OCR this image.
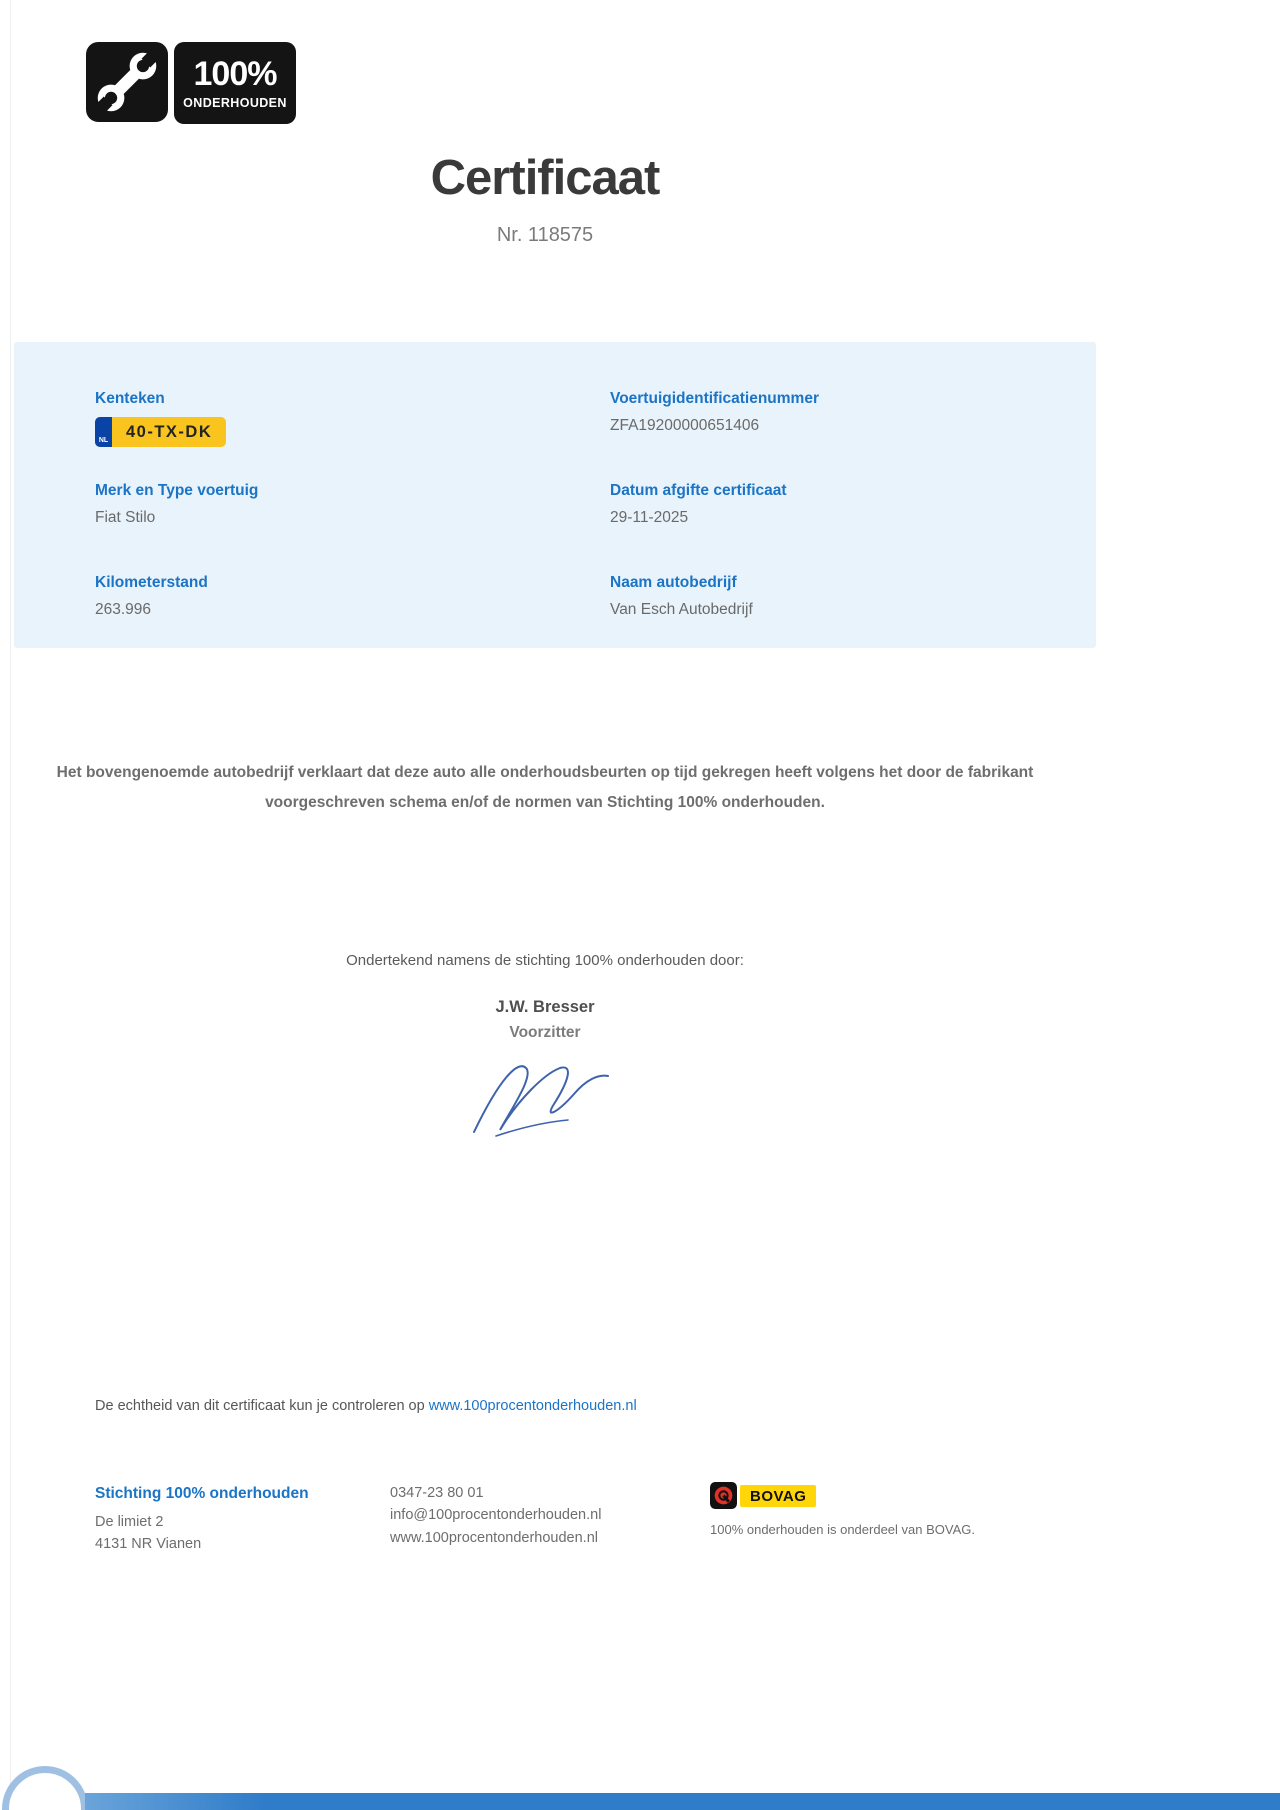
100%
ONDERHOUDEN
Certificaat
Nr. 118575
Kenteken
NL	40-TX-DK
Merk en Type voertuig
Fiat Stilo
Kilometerstand
263.996
Voertuigidentificatienummer
ZFA19200000651406
Datum afgifte certificaat
29-11-2025
Naam autobedrijf
Van Esch Autobedrijf

Het bovengenoemde autobedrijf verklaart dat deze auto alle onderhoudsbeurten op tijd gekregen heeft volgens het door de fabrikant voorgeschreven schema en/of de normen van Stichting 100% onderhouden.

Ondertekend namens de stichting 100% onderhouden door:

J.W. Bresser
Voorzitter

De echtheid van dit certificaat kun je controleren op www.100procentonderhouden.nl

Stichting 100% onderhouden
De limiet 2
4131 NR Vianen
0347-23 80 01
info@100procentonderhouden.nl
www.100procentonderhouden.nl
BOVAG
100% onderhouden is onderdeel van BOVAG.
